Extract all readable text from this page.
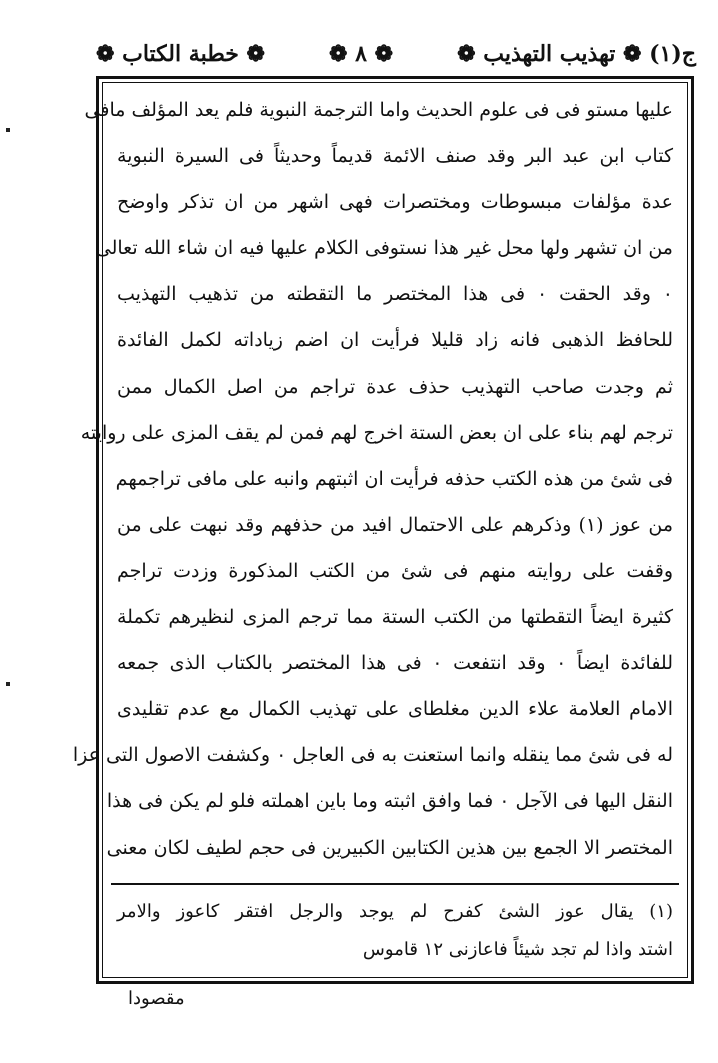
ج(١) ❁ تهذيب التهذيب ❁
❁ ٨ ❁
❁ خطبة الكتاب ❁
عليها مستو فى فى علوم الحديث واما الترجمة النبوية فلم يعد المؤلف مافى
كتاب ابن عبد البر وقد صنف الائمة قديماً وحديثاً فى السيرة النبوية
عدة مؤلفات مبسوطات ومختصرات فهى اشهر من ان تذكر واوضح
من ان تشهر ولها محل غير هذا نستوفى الكلام عليها فيه ان شاء الله تعالى
٠ وقد الحقت ٠ فى هذا المختصر ما التقطته من تذهيب التهذيب
للحافظ الذهبى فانه زاد قليلا فرأيت ان اضم زياداته لكمل الفائدة
ثم وجدت صاحب التهذيب حذف عدة تراجم من اصل الكمال ممن
ترجم لهم بناء على ان بعض الستة اخرج لهم فمن لم يقف المزى على روايته
فى شئ من هذه الكتب حذفه فرأيت ان اثبتهم وانبه على مافى تراجمهم
من عوز (١) وذكرهم على الاحتمال افيد من حذفهم وقد نبهت على من
وقفت على روايته منهم فى شئ من الكتب المذكورة وزدت تراجم
كثيرة ايضاً التقطتها من الكتب الستة مما ترجم المزى لنظيرهم تكملة
للفائدة ايضاً ٠ وقد انتفعت ٠ فى هذا المختصر بالكتاب الذى جمعه
الامام العلامة علاء الدين مغلطاى على تهذيب الكمال مع عدم تقليدى
له فى شئ مما ينقله وانما استعنت به فى العاجل ٠ وكشفت الاصول التى عزا
النقل اليها فى الآجل ٠ فما وافق اثبته وما باين اهملته فلو لم يكن فى هذا
المختصر الا الجمع بين هذين الكتابين الكبيرين فى حجم لطيف لكان معنى
(١) يقال عوز الشئ كفرح لم يوجد والرجل افتقر كاعوز والامر
اشتد واذا لم تجد شيئاً فاعازنى ١٢ قاموس
مقصودا
